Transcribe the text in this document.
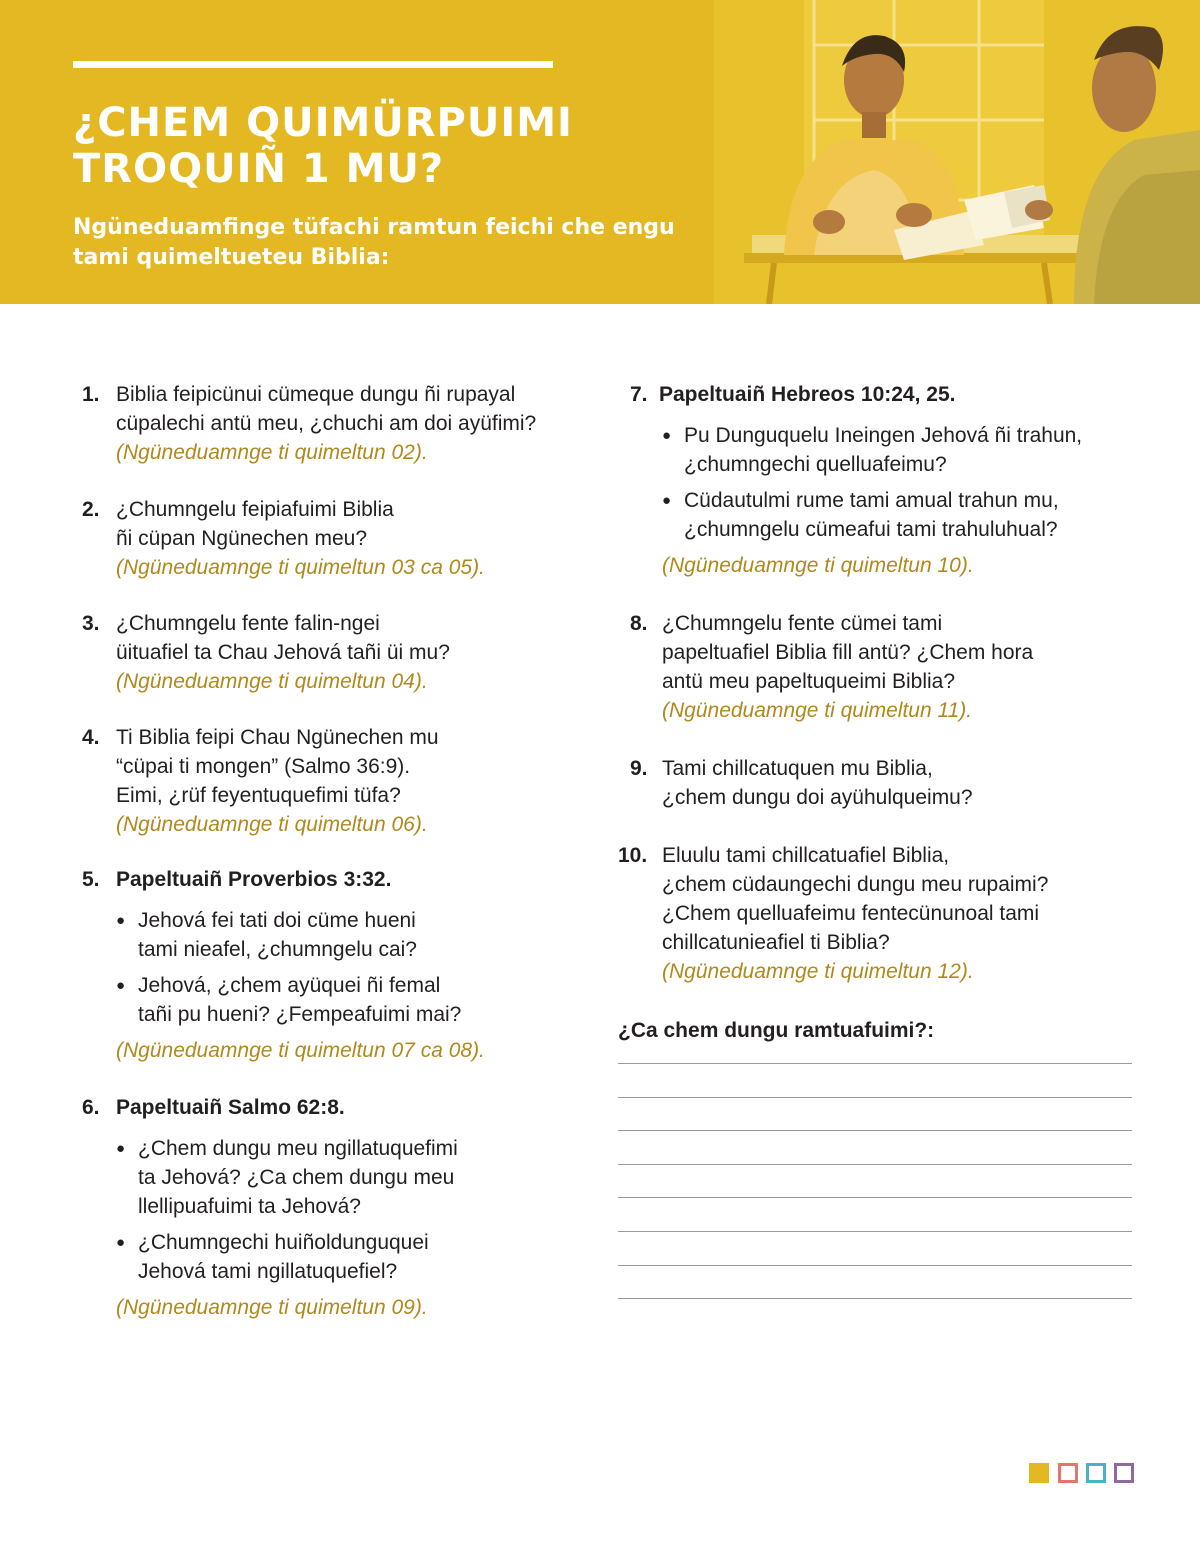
¿CHEM QUIMÜRPUIMI
TROQUIÑ 1 MU?

Ngüneduamfinge tüfachi ramtun feichi che engu
tami quimeltueteu Biblia:

1. Biblia feipicünui cümeque dungu ñi rupayal
cüpalechi antü meu, ¿chuchi am doi ayüfimi?
(Ngüneduamnge ti quimeltun 02).
2. ¿Chumngelu feipiafuimi Biblia
ñi cüpan Ngünechen meu?
(Ngüneduamnge ti quimeltun 03 ca 05).
3. ¿Chumngelu fente falin-ngei
üituafiel ta Chau Jehová tañi üi mu?
(Ngüneduamnge ti quimeltun 04).
4. Ti Biblia feipi Chau Ngünechen mu
“cüpai ti mongen” (Salmo 36:9).
Eimi, ¿rüf feyentuquefimi tüfa?
(Ngüneduamnge ti quimeltun 06).
5. Papeltuaiñ Proverbios 3:32.
● Jehová fei tati doi cüme hueni
tami nieafel, ¿chumngelu cai?
● Jehová, ¿chem ayüquei ñi femal
tañi pu hueni? ¿Fempeafuimi mai?
(Ngüneduamnge ti quimeltun 07 ca 08).
6. Papeltuaiñ Salmo 62:8.
● ¿Chem dungu meu ngillatuquefimi
ta Jehová? ¿Ca chem dungu meu
llellipuafuimi ta Jehová?
● ¿Chumngechi huiñoldunguquei
Jehová tami ngillatuquefiel?
(Ngüneduamnge ti quimeltun 09).
7. Papeltuaiñ Hebreos 10:24, 25.
● Pu Dunguquelu Ineingen Jehová ñi trahun,
¿chumngechi quelluafeimu?
● Cüdautulmi rume tami amual trahun mu,
¿chumngelu cümeafui tami trahuluhual?
(Ngüneduamnge ti quimeltun 10).
8. ¿Chumngelu fente cümei tami
papeltuafiel Biblia fill antü? ¿Chem hora
antü meu papeltuqueimi Biblia?
(Ngüneduamnge ti quimeltun 11).
9. Tami chillcatuquen mu Biblia,
¿chem dungu doi ayühulqueimu?
10. Eluulu tami chillcatuafiel Biblia,
¿chem cüdaungechi dungu meu rupaimi?
¿Chem quelluafeimu fentecünunoal tami
chillcatunieafiel ti Biblia?
(Ngüneduamnge ti quimeltun 12).
¿Ca chem dungu ramtuafuimi?:
